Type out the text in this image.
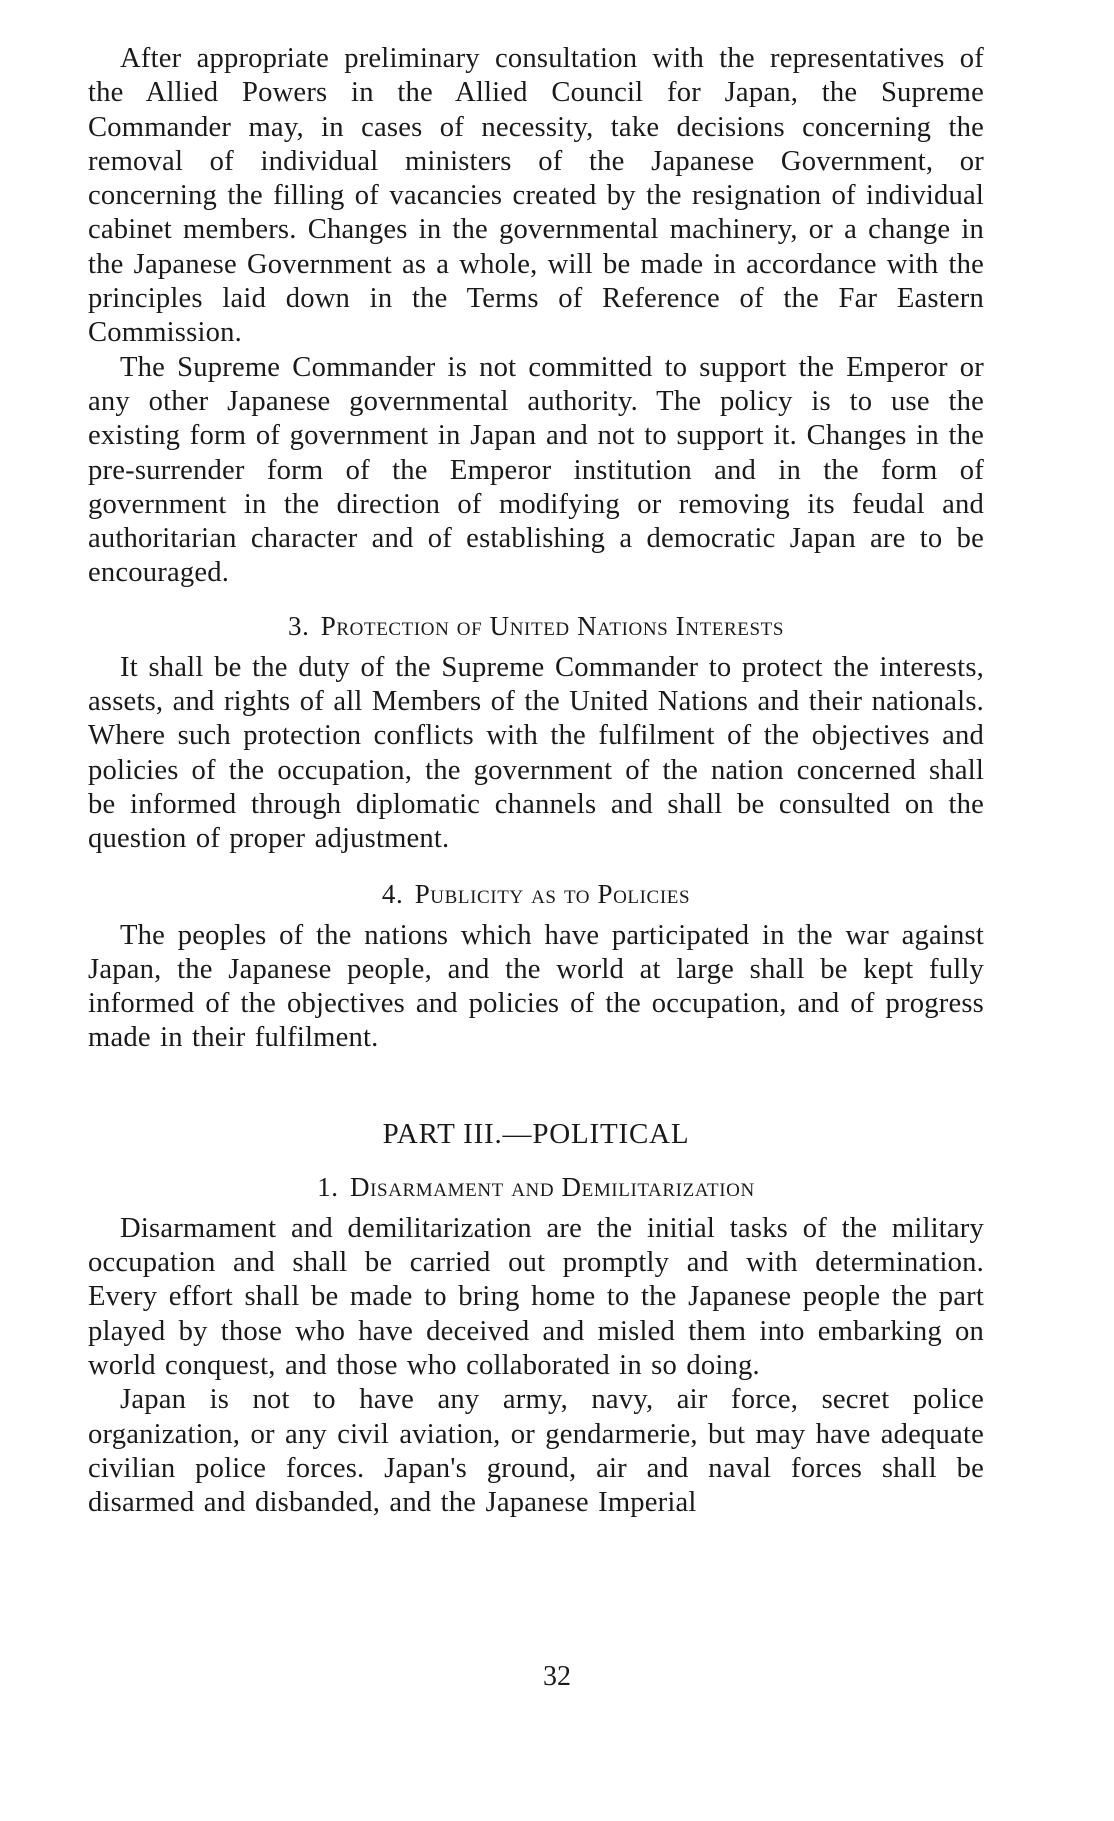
After appropriate preliminary consultation with the representatives of the Allied Powers in the Allied Council for Japan, the Supreme Commander may, in cases of necessity, take decisions concerning the removal of individual ministers of the Japanese Government, or concerning the filling of vacancies created by the resignation of individual cabinet members. Changes in the governmental machinery, or a change in the Japanese Government as a whole, will be made in accordance with the principles laid down in the Terms of Reference of the Far Eastern Commission.

The Supreme Commander is not committed to support the Emperor or any other Japanese governmental authority. The policy is to use the existing form of government in Japan and not to support it. Changes in the pre-surrender form of the Emperor institution and in the form of government in the direction of modifying or removing its feudal and authoritarian character and of establishing a democratic Japan are to be encouraged.

3. Protection of United Nations Interests

It shall be the duty of the Supreme Commander to protect the interests, assets, and rights of all Members of the United Nations and their nationals. Where such protection conflicts with the fulfilment of the objectives and policies of the occupation, the government of the nation concerned shall be informed through diplomatic channels and shall be consulted on the question of proper adjustment.

4. Publicity as to Policies

The peoples of the nations which have participated in the war against Japan, the Japanese people, and the world at large shall be kept fully informed of the objectives and policies of the occupation, and of progress made in their fulfilment.

PART III.—POLITICAL

1. Disarmament and Demilitarization

Disarmament and demilitarization are the initial tasks of the military occupation and shall be carried out promptly and with determination. Every effort shall be made to bring home to the Japanese people the part played by those who have deceived and misled them into embarking on world conquest, and those who collaborated in so doing.

Japan is not to have any army, navy, air force, secret police organization, or any civil aviation, or gendarmerie, but may have adequate civilian police forces. Japan's ground, air and naval forces shall be disarmed and disbanded, and the Japanese Imperial

32
